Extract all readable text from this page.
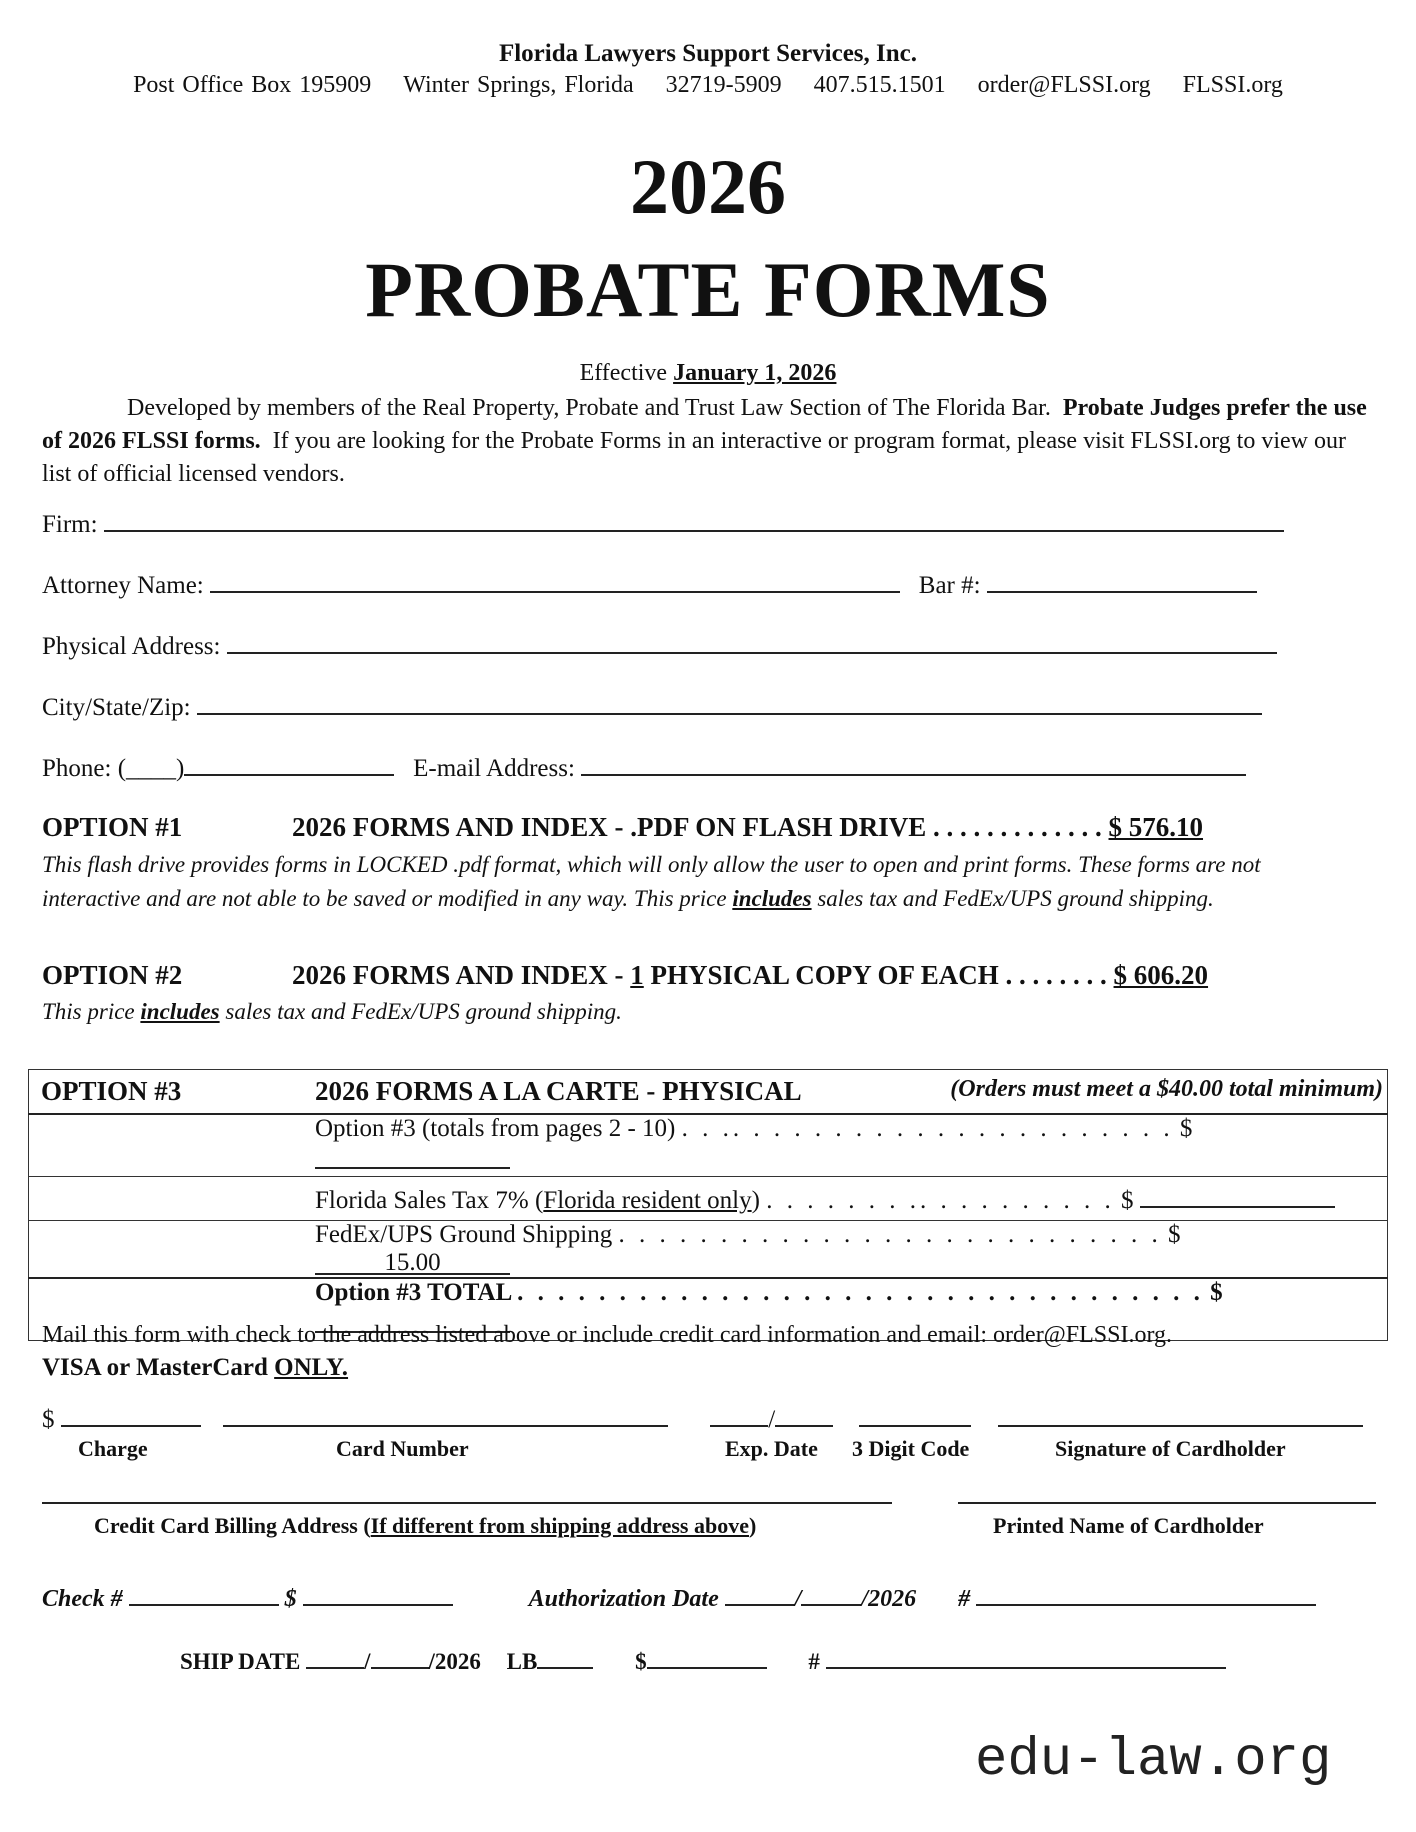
Florida Lawyers Support Services, Inc.
Post Office Box 195909 Winter Springs, Florida 32719-5909 407.515.1501 order@FLSSI.org FLSSI.org
2026
PROBATE FORMS
Effective January 1, 2026
Developed by members of the Real Property, Probate and Trust Law Section of The Florida Bar. Probate Judges prefer the use of 2026 FLSSI forms. If you are looking for the Probate Forms in an interactive or program format, please visit FLSSI.org to view our list of official licensed vendors.
Firm:
Attorney Name:	Bar #:
Physical Address:
City/State/Zip:
Phone: (____)	E-mail Address:
OPTION #1	2026 FORMS AND INDEX - .PDF ON FLASH DRIVE . . . . . . . . . . . . . $ 576.10
This flash drive provides forms in LOCKED .pdf format, which will only allow the user to open and print forms. These forms are not interactive and are not able to be saved or modified in any way. This price includes sales tax and FedEx/UPS ground shipping.
OPTION #2	2026 FORMS AND INDEX - 1 PHYSICAL COPY OF EACH . . . . . . . . $ 606.20
This price includes sales tax and FedEx/UPS ground shipping.
OPTION #3	2026 FORMS A LA CARTE - PHYSICAL (Orders must meet a $40.00 total minimum)

	Option #3 (totals from pages 2 - 10) . . .. . . . . . . . . . . . . . . . . . . . . . $
	Florida Sales Tax 7% (Florida resident only) . . . . . . . .. . . . . . . . . . $
	FedEx/UPS Ground Shipping . . . . . . . . . . . . . . . . . . . . . . . . . . . $ 15.00
	Option #3 TOTAL . . . . . . . . . . . . . . . . . . . . . . . . . . . . . . . . . . $
Mail this form with check to the address listed above or include credit card information and email: order@FLSSI.org.
VISA or MasterCard ONLY.
$	/
Charge	Card Number	Exp. Date 3 Digit Code	Signature of Cardholder
Credit Card Billing Address (If different from shipping address above)	Printed Name of Cardholder
Check #	$	Authorization Date	/	/2026 #
SHIP DATE	/	/2026 LB	$	#
edu-law.org
